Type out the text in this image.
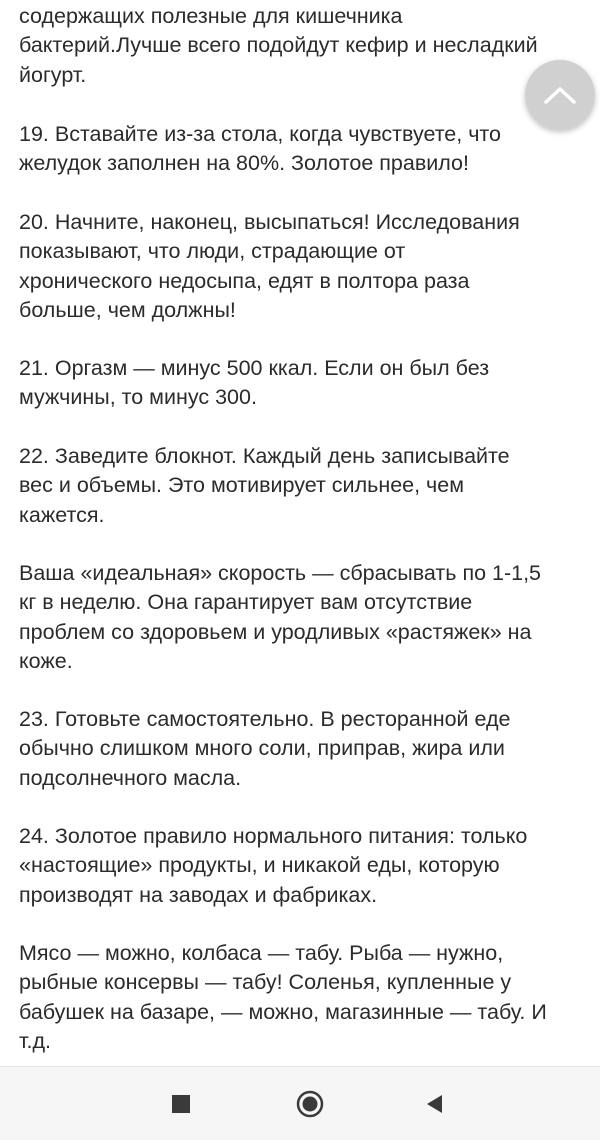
содержащих полезные для кишечника
бактерий.Лучше всего подойдут кефир и несладкий
йогурт.
19. Вставайте из-за стола, когда чувствуете, что
желудок заполнен на 80%. Золотое правило!
20. Начните, наконец, высыпаться! Исследования
показывают, что люди, страдающие от
хронического недосыпа, едят в полтора раза
больше, чем должны!
21. Оргазм — минус 500 ккал. Если он был без
мужчины, то минус 300.
22. Заведите блокнот. Каждый день записывайте
вес и объемы. Это мотивирует сильнее, чем
кажется.
Ваша «идеальная» скорость — сбрасывать по 1-1,5
кг в неделю. Она гарантирует вам отсутствие
проблем со здоровьем и уродливых «растяжек» на
коже.
23. Готовьте самостоятельно. В ресторанной еде
обычно слишком много соли, приправ, жира или
подсолнечного масла.
24. Золотое правило нормального питания: только
«настоящие» продукты, и никакой еды, которую
производят на заводах и фабриках.
Мясо — можно, колбаса — табу. Рыба — нужно,
рыбные консервы — табу! Соленья, купленные у
бабушек на базаре, — можно, магазинные — табу. И
т.д.
